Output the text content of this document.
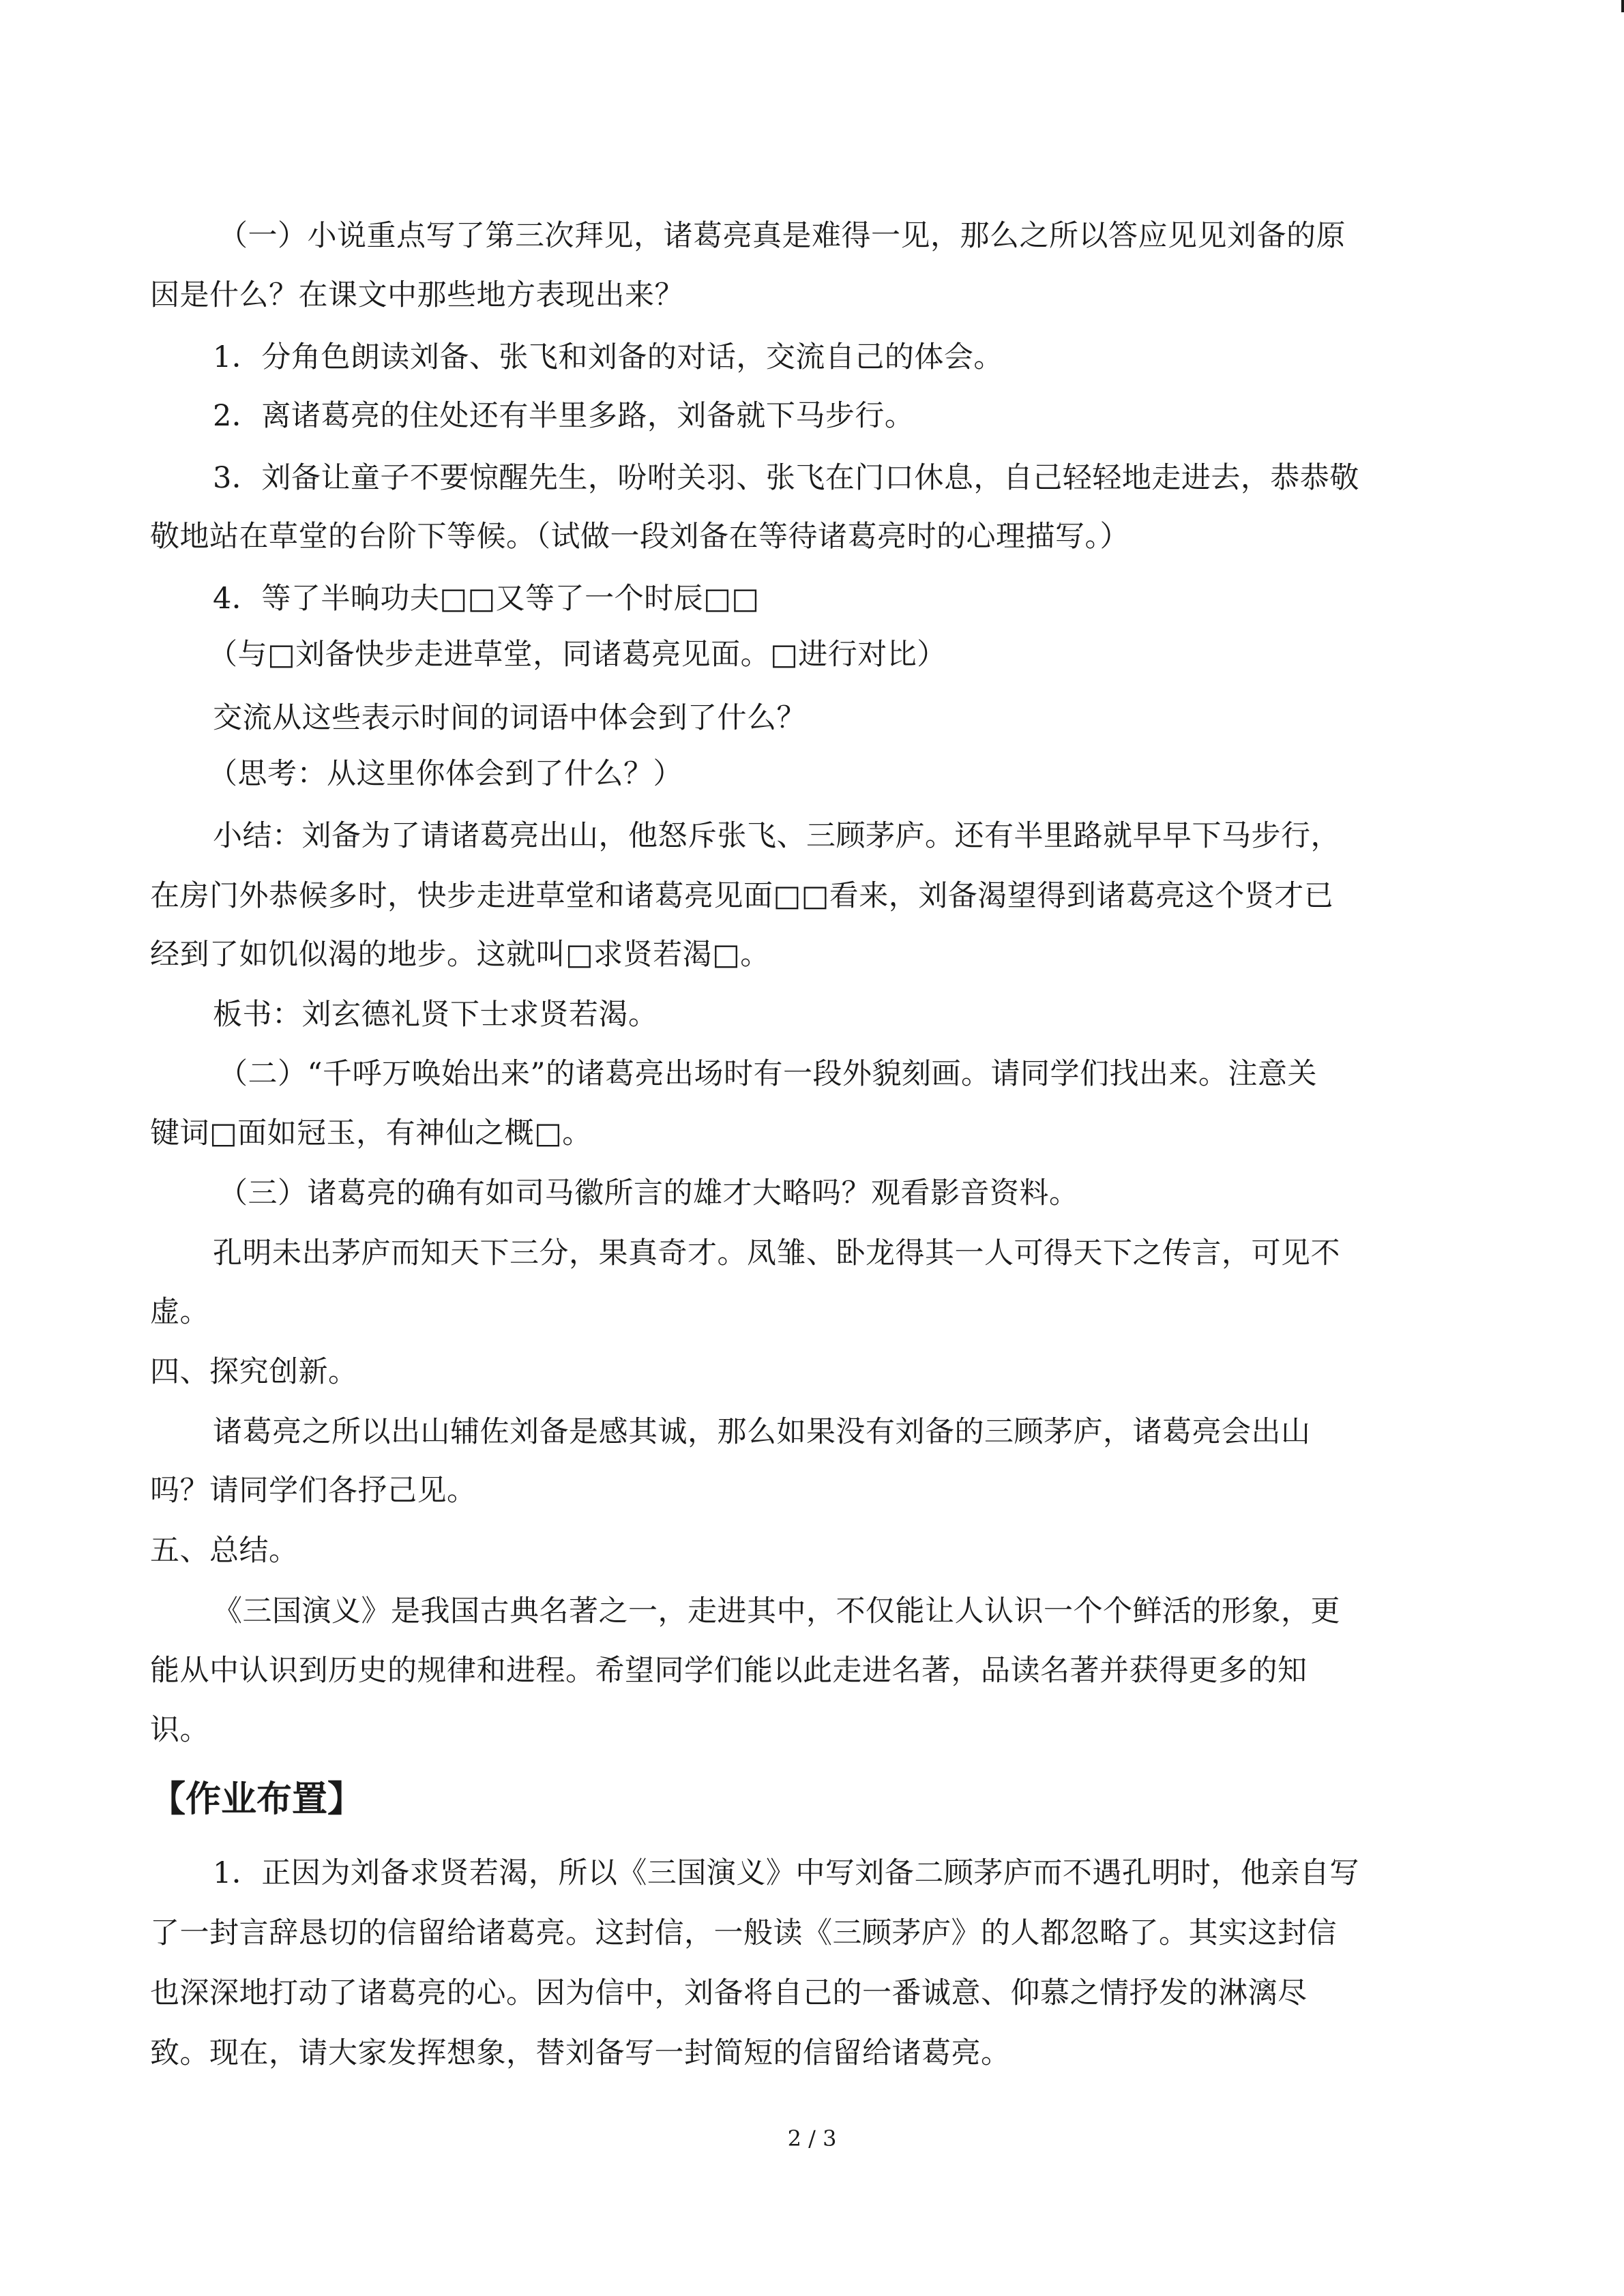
（一）小说重点写了第三次拜见，诸葛亮真是难得一见，那么之所以答应见见刘备的原
因是什么？在课文中那些地方表现出来？
1．分角色朗读刘备、张飞和刘备的对话，交流自己的体会。
2．离诸葛亮的住处还有半里多路，刘备就下马步行。
3．刘备让童子不要惊醒先生，吩咐关羽、张飞在门口休息，自己轻轻地走进去，恭恭敬
敬地站在草堂的台阶下等候。（试做一段刘备在等待诸葛亮时的心理描写。）
4．等了半晌功夫□□又等了一个时辰□□
（与□刘备快步走进草堂，同诸葛亮见面。□进行对比）
交流从这些表示时间的词语中体会到了什么？
（思考：从这里你体会到了什么？）
小结：刘备为了请诸葛亮出山，他怒斥张飞、三顾茅庐。还有半里路就早早下马步行，
在房门外恭候多时，快步走进草堂和诸葛亮见面□□看来，刘备渴望得到诸葛亮这个贤才已
经到了如饥似渴的地步。这就叫□求贤若渴□。
板书：刘玄德礼贤下士求贤若渴。
（二）“千呼万唤始出来”的诸葛亮出场时有一段外貌刻画。请同学们找出来。注意关
键词□面如冠玉，有神仙之概□。
（三）诸葛亮的确有如司马徽所言的雄才大略吗？观看影音资料。
孔明未出茅庐而知天下三分，果真奇才。凤雏、卧龙得其一人可得天下之传言，可见不
虚。
四、探究创新。
诸葛亮之所以出山辅佐刘备是感其诚，那么如果没有刘备的三顾茅庐，诸葛亮会出山
吗？请同学们各抒己见。
五、总结。
《三国演义》是我国古典名著之一，走进其中，不仅能让人认识一个个鲜活的形象，更
能从中认识到历史的规律和进程。希望同学们能以此走进名著，品读名著并获得更多的知
识。
【作业布置】
1．正因为刘备求贤若渴，所以《三国演义》中写刘备二顾茅庐而不遇孔明时，他亲自写
了一封言辞恳切的信留给诸葛亮。这封信，一般读《三顾茅庐》的人都忽略了。其实这封信
也深深地打动了诸葛亮的心。因为信中，刘备将自己的一番诚意、仰慕之情抒发的淋漓尽
致。现在，请大家发挥想象，替刘备写一封简短的信留给诸葛亮。
2 / 3
